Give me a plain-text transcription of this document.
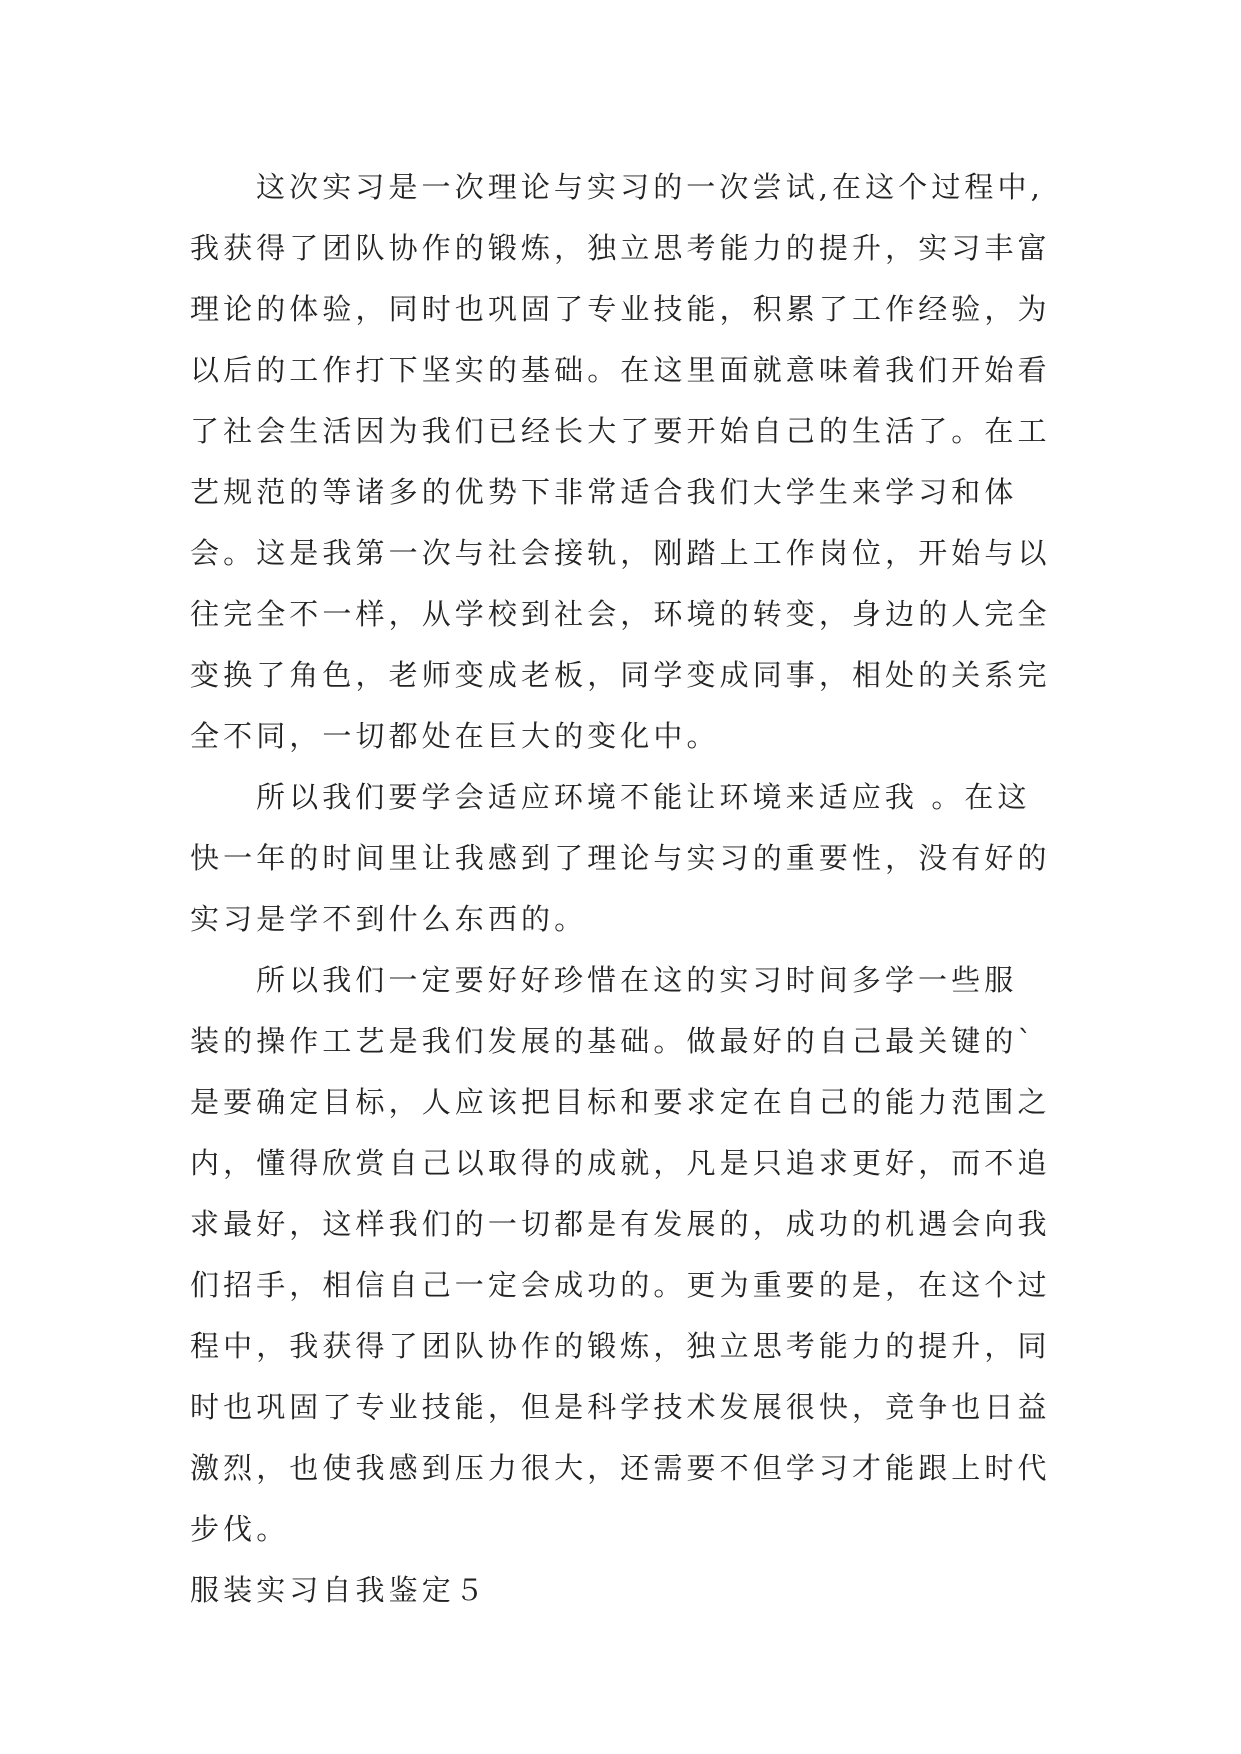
这次实习是一次理论与实习的一次尝试,在这个过程中,
我获得了团队协作的锻炼，独立思考能力的提升，实习丰富
理论的体验，同时也巩固了专业技能，积累了工作经验，为
以后的工作打下坚实的基础。在这里面就意味着我们开始看
了社会生活因为我们已经长大了要开始自己的生活了。在工
艺规范的等诸多的优势下非常适合我们大学生来学习和体
会。这是我第一次与社会接轨，刚踏上工作岗位，开始与以
往完全不一样，从学校到社会，环境的转变，身边的人完全
变换了角色，老师变成老板，同学变成同事，相处的关系完
全不同，一切都处在巨大的变化中。
所以我们要学会适应环境不能让环境来适应我 。在这
快一年的时间里让我感到了理论与实习的重要性，没有好的
实习是学不到什么东西的。
所以我们一定要好好珍惜在这的实习时间多学一些服
装的操作工艺是我们发展的基础。做最好的自己最关键的`
是要确定目标，人应该把目标和要求定在自己的能力范围之
内，懂得欣赏自己以取得的成就，凡是只追求更好，而不追
求最好，这样我们的一切都是有发展的，成功的机遇会向我
们招手，相信自己一定会成功的。更为重要的是，在这个过
程中，我获得了团队协作的锻炼，独立思考能力的提升，同
时也巩固了专业技能，但是科学技术发展很快，竞争也日益
激烈，也使我感到压力很大，还需要不但学习才能跟上时代
步伐。
服装实习自我鉴定５
